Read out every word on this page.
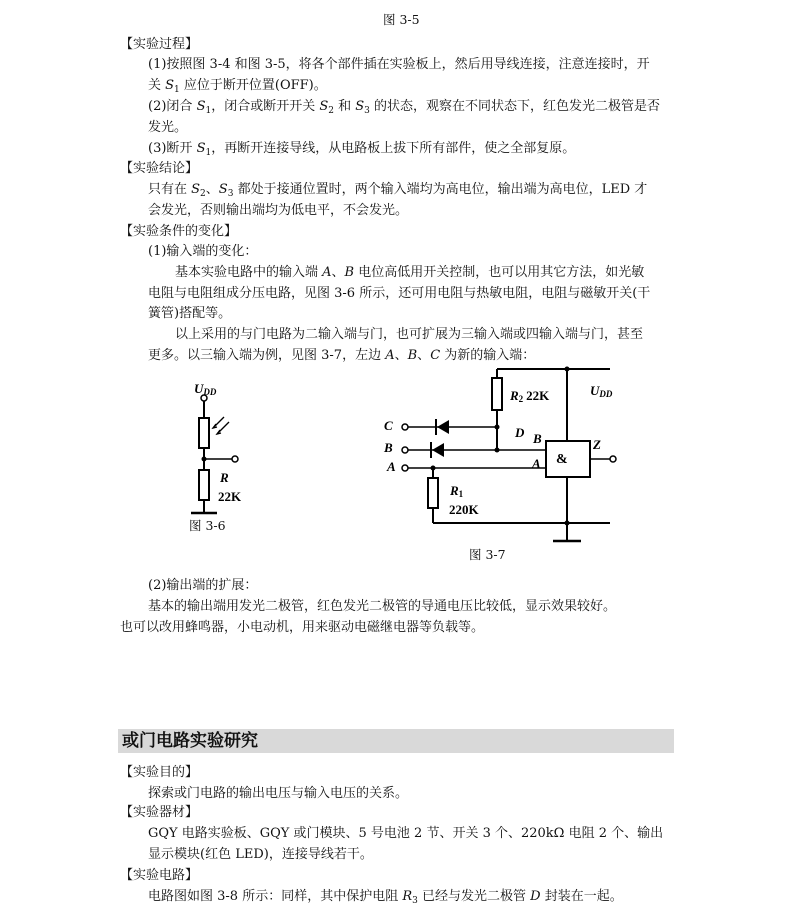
图 3-5
【实验过程】
(1)按照图 3-4 和图 3-5，将各个部件插在实验板上，然后用导线连接，注意连接时，开
关 $S_1$ 应位于断开位置(OFF)。
(2)闭合 $S_1$，闭合或断开开关 $S_2$ 和 $S_3$ 的状态，观察在不同状态下，红色发光二极管是否
发光。
(3)断开 $S_1$，再断开连接导线，从电路板上拔下所有部件，使之全部复原。
【实验结论】
只有在 $S_2$、$S_3$ 都处于接通位置时，两个输入端均为高电位，输出端为高电位，LED 才
会发光，否则输出端均为低电平，不会发光。
【实验条件的变化】
(1)输入端的变化：
基本实验电路中的输入端 A、B 电位高低用开关控制，也可以用其它方法，如光敏
电阻与电阻组成分压电路，见图 3-6 所示，还可用电阻与热敏电阻，电阻与磁敏开关(干
簧管)搭配等。
以上采用的与门电路为二输入端与门，也可扩展为三输入端或四输入端与门，甚至
更多。以三输入端为例，见图 3-7，左边 A、B、C 为新的输入端：
UDD
R
22K
UDD
R2 22K
C
B
A
D B
A &
Z
R1
220K
图 3-6
图 3-7
(2)输出端的扩展：
基本的输出端用发光二极管，红色发光二极管的导通电压比较低，显示效果较好。
也可以改用蜂鸣器，小电动机，用来驱动电磁继电器等负载等。
或门电路实验研究
【实验目的】
探索或门电路的输出电压与输入电压的关系。
【实验器材】
GQY 电路实验板、GQY 或门模块、5 号电池 2 节、开关 3 个、220kΩ 电阻 2 个、输出
显示模块(红色 LED)，连接导线若干。
【实验电路】
电路图如图 3-8 所示：同样，其中保护电阻 $R_3$ 已经与发光二极管 D 封装在一起。
